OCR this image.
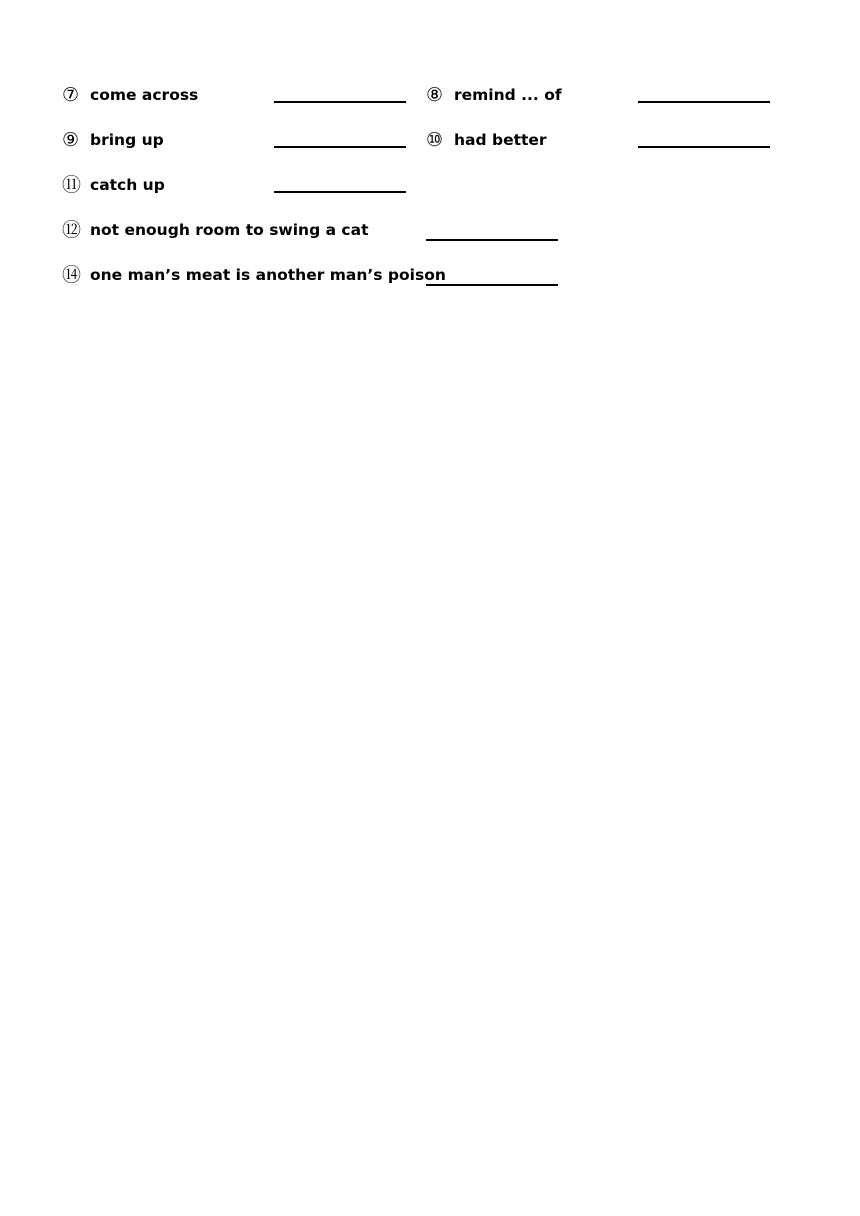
⑦ come across	⑧ remind ... of
⑨ bring up	⑩ had better
⑪ catch up
⑫ not enough room to swing a cat
⑭ one man’s meat is another man’s poison
